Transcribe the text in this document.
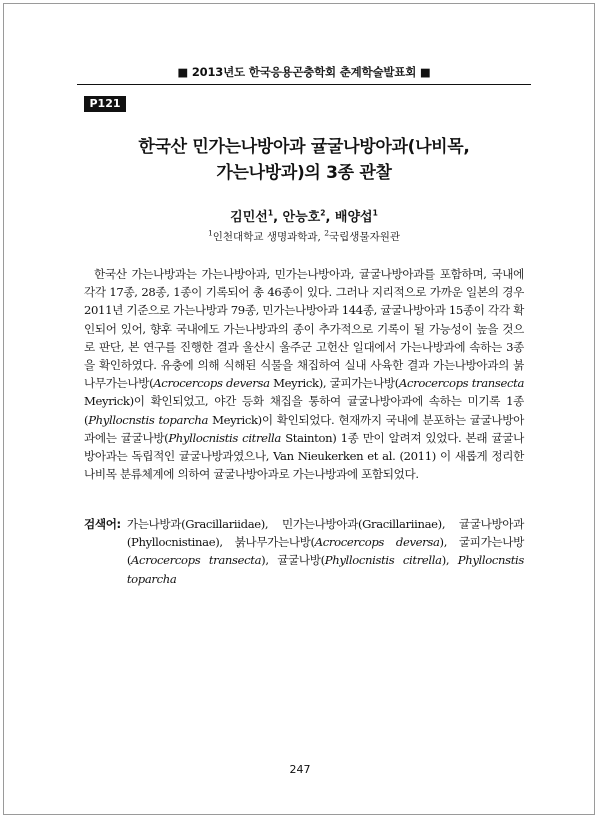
■ 2013년도 한국응용곤충학회 춘계학술발표회 ■
P121
한국산 민가는나방아과 귤굴나방아과(나비목,
가는나방과)의 3종 관찰
김민선$^1$, 안능호$^2$, 배양섭$^1$
$^1$인천대학교 생명과학과, $^2$국립생물자원관
한국산 가는나방과는 가는나방아과, 민가는나방아과, 귤굴나방아과를 포함하며, 국내에 각각 17종, 28종, 1종이 기록되어 총 46종이 있다. 그러나 지리적으로 가까운 일본의 경우 2011년 기준으로 가는나방과 79종, 민가는나방아과 144종, 귤굴나방아과 15종이 각각 확인되어 있어, 향후 국내에도 가는나방과의 종이 추가적으로 기록이 될 가능성이 높을 것으로 판단, 본 연구를 진행한 결과 울산시 울주군 고헌산 일대에서 가는나방과에 속하는 3종을 확인하였다. 유충에 의해 식해된 식물을 채집하여 실내 사육한 결과 가는나방아과의 붉나무가는나방(Acrocercops deversa Meyrick), 굴피가는나방(Acrocercops transecta Meyrick)이 확인되었고, 야간 등화 채집을 통하여 귤굴나방아과에 속하는 미기록 1종(Phyllocnstis toparcha Meyrick)이 확인되었다. 현재까지 국내에 분포하는 귤굴나방아과에는 귤굴나방(Phyllocnistis citrella Stainton) 1종 만이 알려져 있었다. 본래 귤굴나방아과는 독립적인 귤굴나방과였으나, Van Nieukerken et al. (2011) 이 새롭게 정리한 나비목 분류체계에 의하여 귤굴나방아과로 가는나방과에 포함되었다.
검색어: 가는나방과(Gracillariidae), 민가는나방아과(Gracillariinae), 귤굴나방아과(Phyllocnistinae), 붉나무가는나방(Acrocercops deversa), 굴피가는나방(Acrocercops transecta), 귤굴나방(Phyllocnistis citrella), Phyllocnstis toparcha
247
